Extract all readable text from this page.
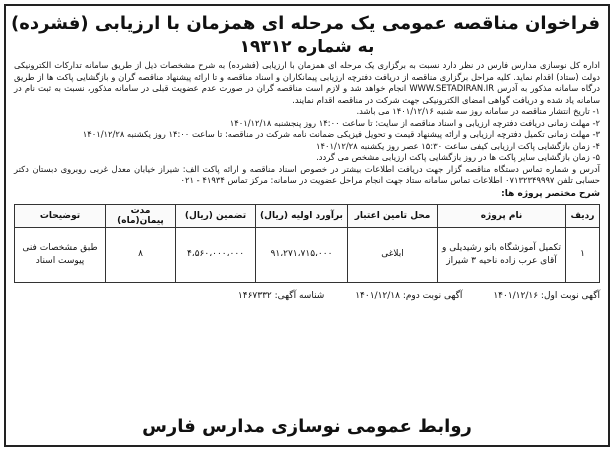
فراخوان مناقصه عمومی یک مرحله ای همزمان با ارزیابی (فشرده)
به شماره ۱۹۳۱۲
اداره کل نوسازی مدارس فارس در نظر دارد نسبت به برگزاری یک مرحله ای همزمان با ارزیابی (فشرده) به شرح مشخصات ذیل از طریق سامانه تدارکات الکترونیکی دولت (ستاد) اقدام نماید. کلیه مراحل برگزاری مناقصه از دریافت دفترچه ارزیابی پیمانکاران و اسناد مناقصه و تا ارائه پیشنهاد مناقصه گران و بازگشایی پاکت ها از طریق درگاه سامانه مذکور به آدرس WWW.SETADIRAN.IR انجام خواهد شد و لازم است مناقصه گران در صورت عدم عضویت قبلی در سامانه مذکور، نسبت به ثبت نام در سامانه یاد شده و دریافت گواهی امضای الکترونیکی جهت شرکت در مناقصه اقدام نمایند.
۱- تاریخ انتشار مناقصه در سامانه روز سه شنبه ۱۴۰۱/۱۲/۱۶ می باشد.
۲- مهلت زمانی دریافت دفترچه ارزیابی و اسناد مناقصه از سایت: تا ساعت ۱۴:۰۰ روز پنجشنبه ۱۴۰۱/۱۲/۱۸
۳- مهلت زمانی تکمیل دفترچه ارزیابی و ارائه پیشنهاد قیمت و تحویل فیزیکی ضمانت نامه شرکت در مناقصه: تا ساعت ۱۴:۰۰ روز یکشنبه ۱۴۰۱/۱۲/۲۸
۴- زمان بازگشایی پاکت ارزیابی کیفی ساعت ۱۵:۳۰ عصر روز یکشنبه ۱۴۰۱/۱۲/۲۸
۵- زمان بازگشایی سایر پاکت ها در روز بازگشایی پاکت ارزیابی مشخص می گردد.
آدرس و شماره تماس دستگاه مناقصه گزار جهت دریافت اطلاعات بیشتر در خصوص اسناد مناقصه و ارائه پاکت الف: شیراز خیابان معدل غربی روبروی دبستان دکتر حسابی تلفن ۰۷۱۳۲۳۴۹۹۹۷ اطلاعات تماس سامانه ستاد جهت انجام مراحل عضویت در سامانه: مرکز تماس ۴۱۹۳۴ - ۰۲۱
شرح مختصر پروژه ها:
ردیف	نام پروژه	محل تامین اعتبار	برآورد اولیه (ریال)	تضمین (ریال)	مدت پیمان(ماه)	توضیحات
۱	تکمیل آموزشگاه بانو رشیدیلی و آقای عرب زاده ناحیه ۳ شیراز	ابلاغی	۹۱،۲۷۱،۷۱۵،۰۰۰	۴،۵۶۰،۰۰۰،۰۰۰	۸	طبق مشخصات فنی پیوست اسناد
آگهی نوبت اول: ۱۴۰۱/۱۲/۱۶ آگهی نوبت دوم: ۱۴۰۱/۱۲/۱۸ شناسه آگهی: ۱۴۶۷۳۳۲
روابط عمومی نوسازی مدارس فارس
